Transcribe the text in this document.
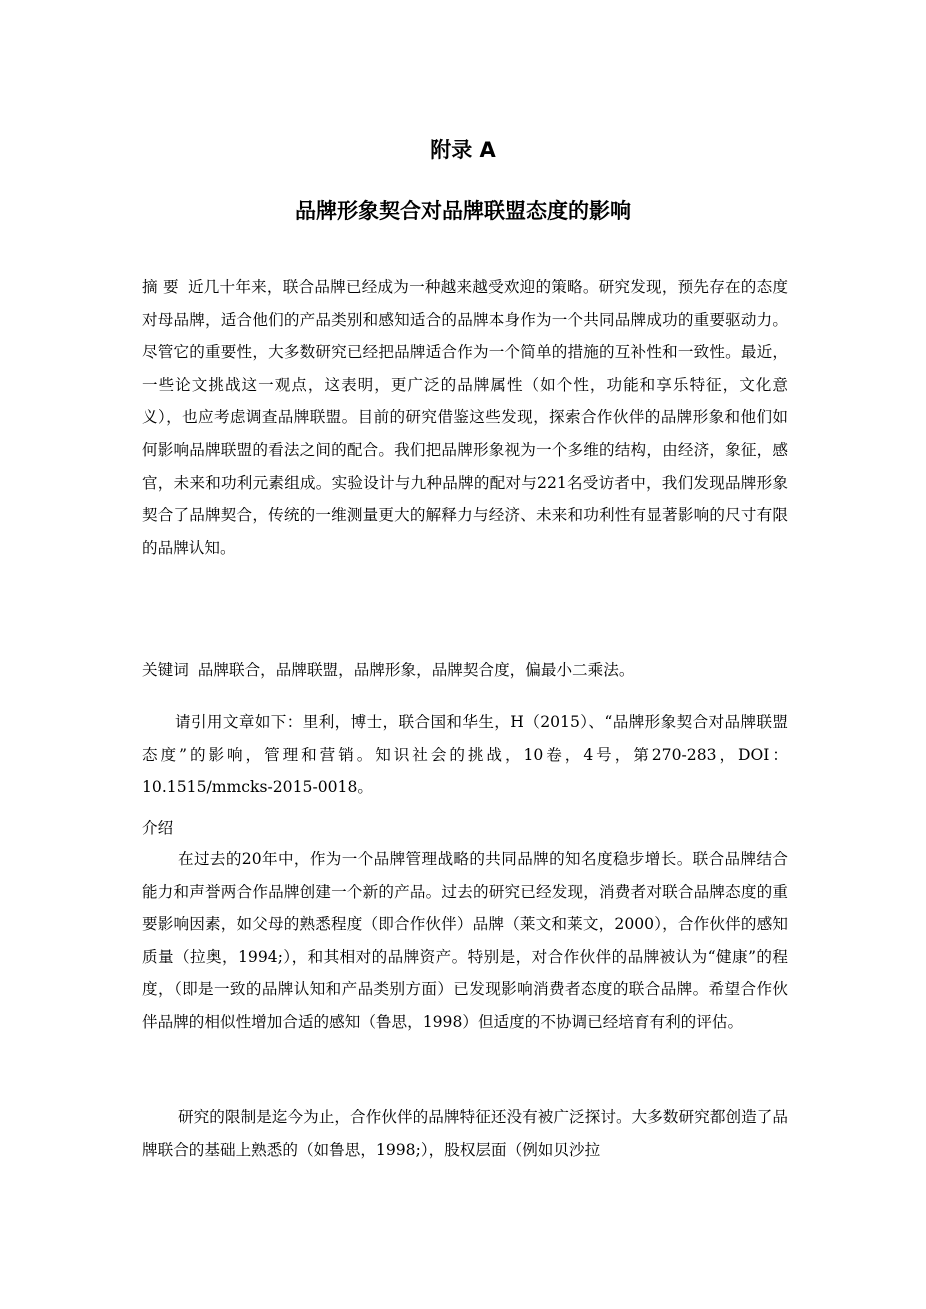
附录 A
品牌形象契合对品牌联盟态度的影响

摘 要 近几十年来，联合品牌已经成为一种越来越受欢迎的策略。研究发现，预先存在的态度对母品牌，适合他们的产品类别和感知适合的品牌本身作为一个共同品牌成功的重要驱动力。尽管它的重要性，大多数研究已经把品牌适合作为一个简单的措施的互补性和一致性。最近，一些论文挑战这一观点，这表明，更广泛的品牌属性（如个性，功能和享乐特征，文化意义），也应考虑调查品牌联盟。目前的研究借鉴这些发现，探索合作伙伴的品牌形象和他们如何影响品牌联盟的看法之间的配合。我们把品牌形象视为一个多维的结构，由经济，象征，感官，未来和功利元素组成。实验设计与九种品牌的配对与221名受访者中，我们发现品牌形象契合了品牌契合，传统的一维测量更大的解释力与经济、未来和功利性有显著影响的尺寸有限的品牌认知。

关键词 品牌联合，品牌联盟，品牌形象，品牌契合度，偏最小二乘法。

请引用文章如下：里利，博士，联合国和华生，H（2015）、“品牌形象契合对品牌联盟态度”的影响，管理和营销。知识社会的挑战，10卷，4号，第270-283，DOI：10.1515/mmcks-2015-0018。

介绍

在过去的20年中，作为一个品牌管理战略的共同品牌的知名度稳步增长。联合品牌结合能力和声誉两合作品牌创建一个新的产品。过去的研究已经发现，消费者对联合品牌态度的重要影响因素，如父母的熟悉程度（即合作伙伴）品牌（莱文和莱文，2000），合作伙伴的感知质量（拉奥，1994;），和其相对的品牌资产。特别是，对合作伙伴的品牌被认为“健康”的程度，（即是一致的品牌认知和产品类别方面）已发现影响消费者态度的联合品牌。希望合作伙伴品牌的相似性增加合适的感知（鲁思，1998）但适度的不协调已经培育有利的评估。

研究的限制是迄今为止，合作伙伴的品牌特征还没有被广泛探讨。大多数研究都创造了品牌联合的基础上熟悉的（如鲁思，1998;），股权层面（例如贝沙拉
